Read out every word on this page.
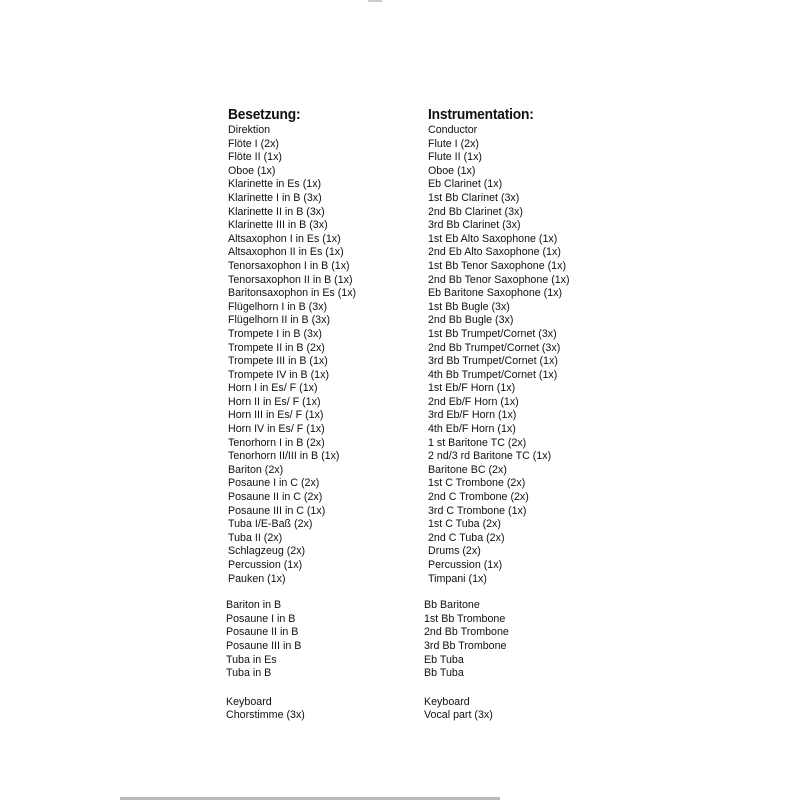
Besetzung:
Direktion
Flöte I (2x)
Flöte II (1x)
Oboe (1x)
Klarinette in Es (1x)
Klarinette I in B (3x)
Klarinette II in B (3x)
Klarinette III in B (3x)
Altsaxophon I in Es (1x)
Altsaxophon II in Es (1x)
Tenorsaxophon I in B (1x)
Tenorsaxophon II in B (1x)
Baritonsaxophon in Es (1x)
Flügelhorn I in B (3x)
Flügelhorn II in B (3x)
Trompete I in B (3x)
Trompete II in B (2x)
Trompete III in B (1x)
Trompete IV in B (1x)
Horn I in Es/ F (1x)
Horn II in Es/ F (1x)
Horn III in Es/ F (1x)
Horn IV in Es/ F (1x)
Tenorhorn I in B (2x)
Tenorhorn II/III in B (1x)
Bariton (2x)
Posaune I in C (2x)
Posaune II in C (2x)
Posaune III in C (1x)
Tuba I/E-Baß (2x)
Tuba II (2x)
Schlagzeug (2x)
Percussion (1x)
Pauken (1x)
Bariton in B
Posaune I in B
Posaune II in B
Posaune III in B
Tuba in Es
Tuba in B
Keyboard
Chorstimme (3x)
Instrumentation:
Conductor
Flute I (2x)
Flute II (1x)
Oboe (1x)
Eb Clarinet (1x)
1st Bb Clarinet (3x)
2nd Bb Clarinet (3x)
3rd Bb Clarinet (3x)
1st Eb Alto Saxophone (1x)
2nd Eb Alto Saxophone (1x)
1st Bb Tenor Saxophone (1x)
2nd Bb Tenor Saxophone (1x)
Eb Baritone Saxophone (1x)
1st Bb Bugle (3x)
2nd Bb Bugle (3x)
1st Bb Trumpet/Cornet (3x)
2nd Bb Trumpet/Cornet (3x)
3rd Bb Trumpet/Cornet (1x)
4th Bb Trumpet/Cornet (1x)
1st Eb/F Horn (1x)
2nd Eb/F Horn (1x)
3rd Eb/F Horn (1x)
4th Eb/F Horn (1x)
1 st Baritone TC (2x)
2 nd/3 rd Baritone TC (1x)
Baritone BC (2x)
1st C Trombone (2x)
2nd C Trombone (2x)
3rd C Trombone (1x)
1st C Tuba (2x)
2nd C Tuba (2x)
Drums (2x)
Percussion (1x)
Timpani (1x)
Bb Baritone
1st Bb Trombone
2nd Bb Trombone
3rd Bb Trombone
Eb Tuba
Bb Tuba
Keyboard
Vocal part (3x)
